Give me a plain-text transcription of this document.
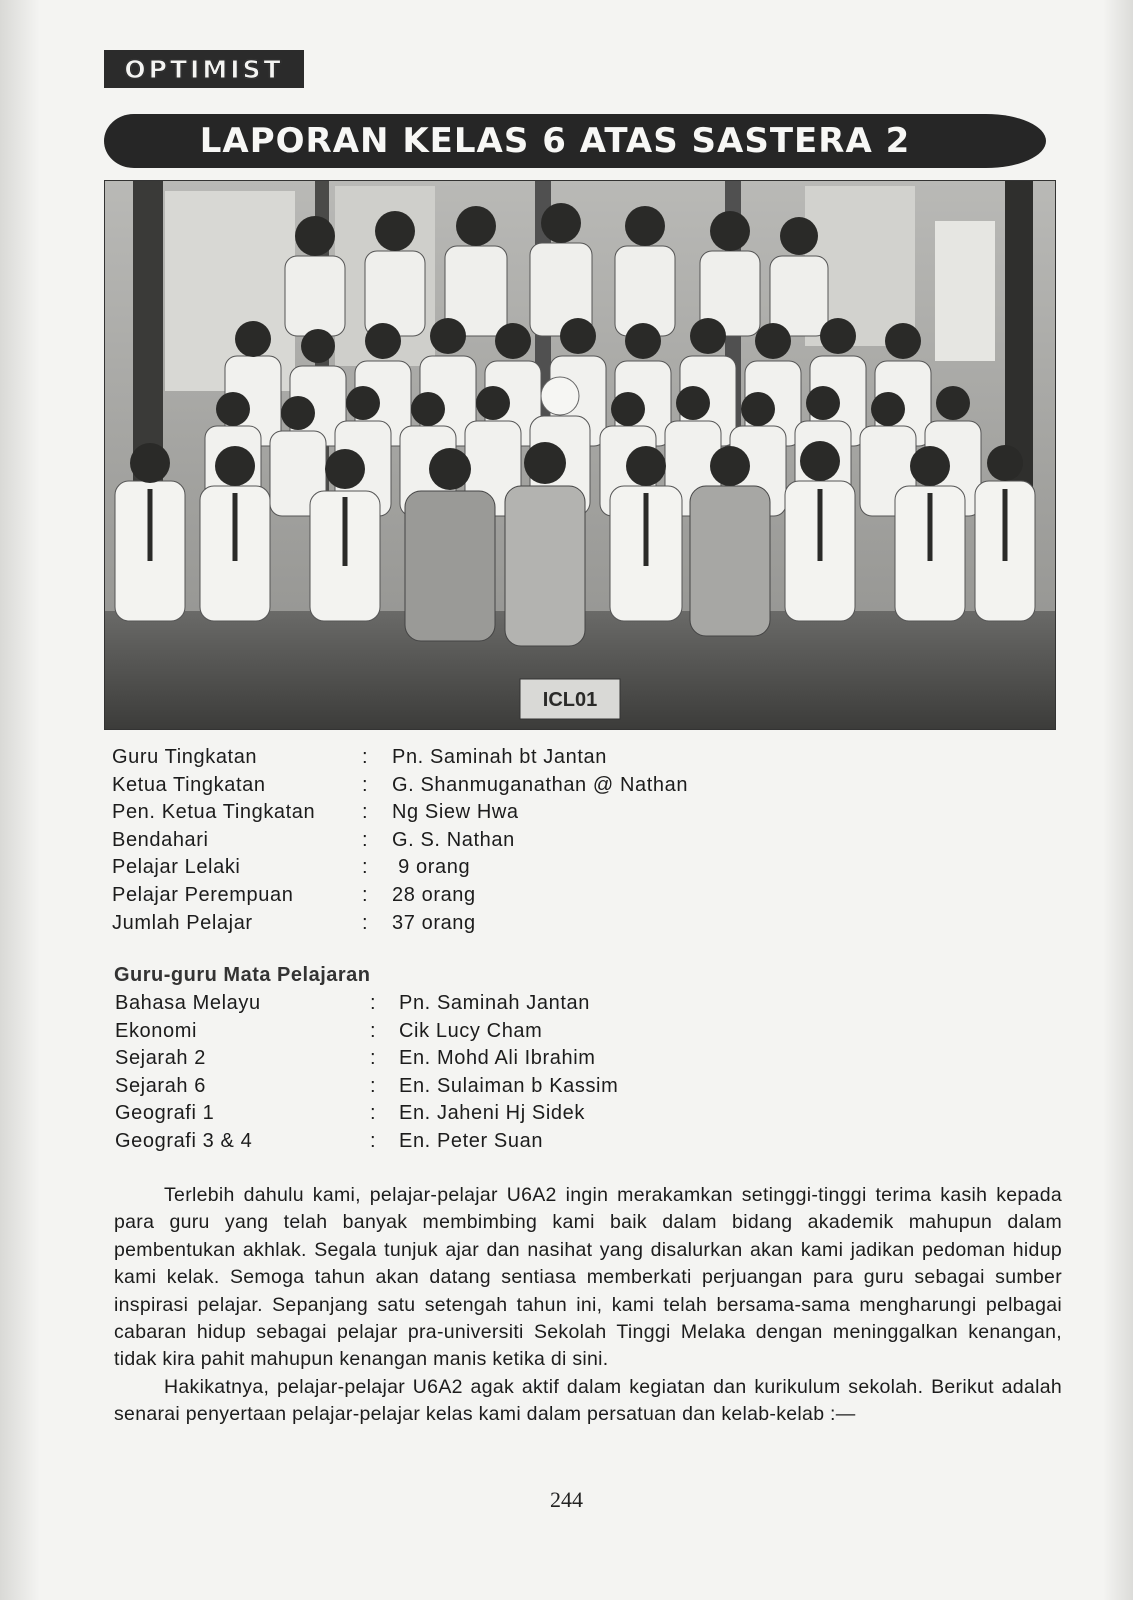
OPTIMIST
LAPORAN KELAS 6 ATAS SASTERA 2
ICL01
Guru Tingkatan	:	Pn. Saminah bt Jantan
Ketua Tingkatan	:	G. Shanmuganathan @ Nathan
Pen. Ketua Tingkatan	:	Ng Siew Hwa
Bendahari	:	G. S. Nathan
Pelajar Lelaki	:	9 orang
Pelajar Perempuan	:	28 orang
Jumlah Pelajar	:	37 orang
Guru-guru Mata Pelajaran
Bahasa Melayu	:	Pn. Saminah Jantan
Ekonomi	:	Cik Lucy Cham
Sejarah 2	:	En. Mohd Ali Ibrahim
Sejarah 6	:	En. Sulaiman b Kassim
Geografi 1	:	En. Jaheni Hj Sidek
Geografi 3 & 4	:	En. Peter Suan

Terlebih dahulu kami, pelajar-pelajar U6A2 ingin merakamkan setinggi-tinggi terima kasih kepada para guru yang telah banyak membimbing kami baik dalam bidang akademik mahupun dalam pembentukan akhlak. Segala tunjuk ajar dan nasihat yang disalurkan akan kami jadikan pedoman hidup kami kelak. Semoga tahun akan datang sentiasa memberkati perjuangan para guru sebagai sumber inspirasi pelajar. Sepanjang satu setengah tahun ini, kami telah bersama-sama mengharungi pelbagai cabaran hidup sebagai pelajar pra-universiti Sekolah Tinggi Melaka dengan meninggalkan kenangan, tidak kira pahit mahupun kenangan manis ketika di sini.

Hakikatnya, pelajar-pelajar U6A2 agak aktif dalam kegiatan dan kurikulum sekolah. Berikut adalah senarai penyertaan pelajar-pelajar kelas kami dalam persatuan dan kelab-kelab :—

244
